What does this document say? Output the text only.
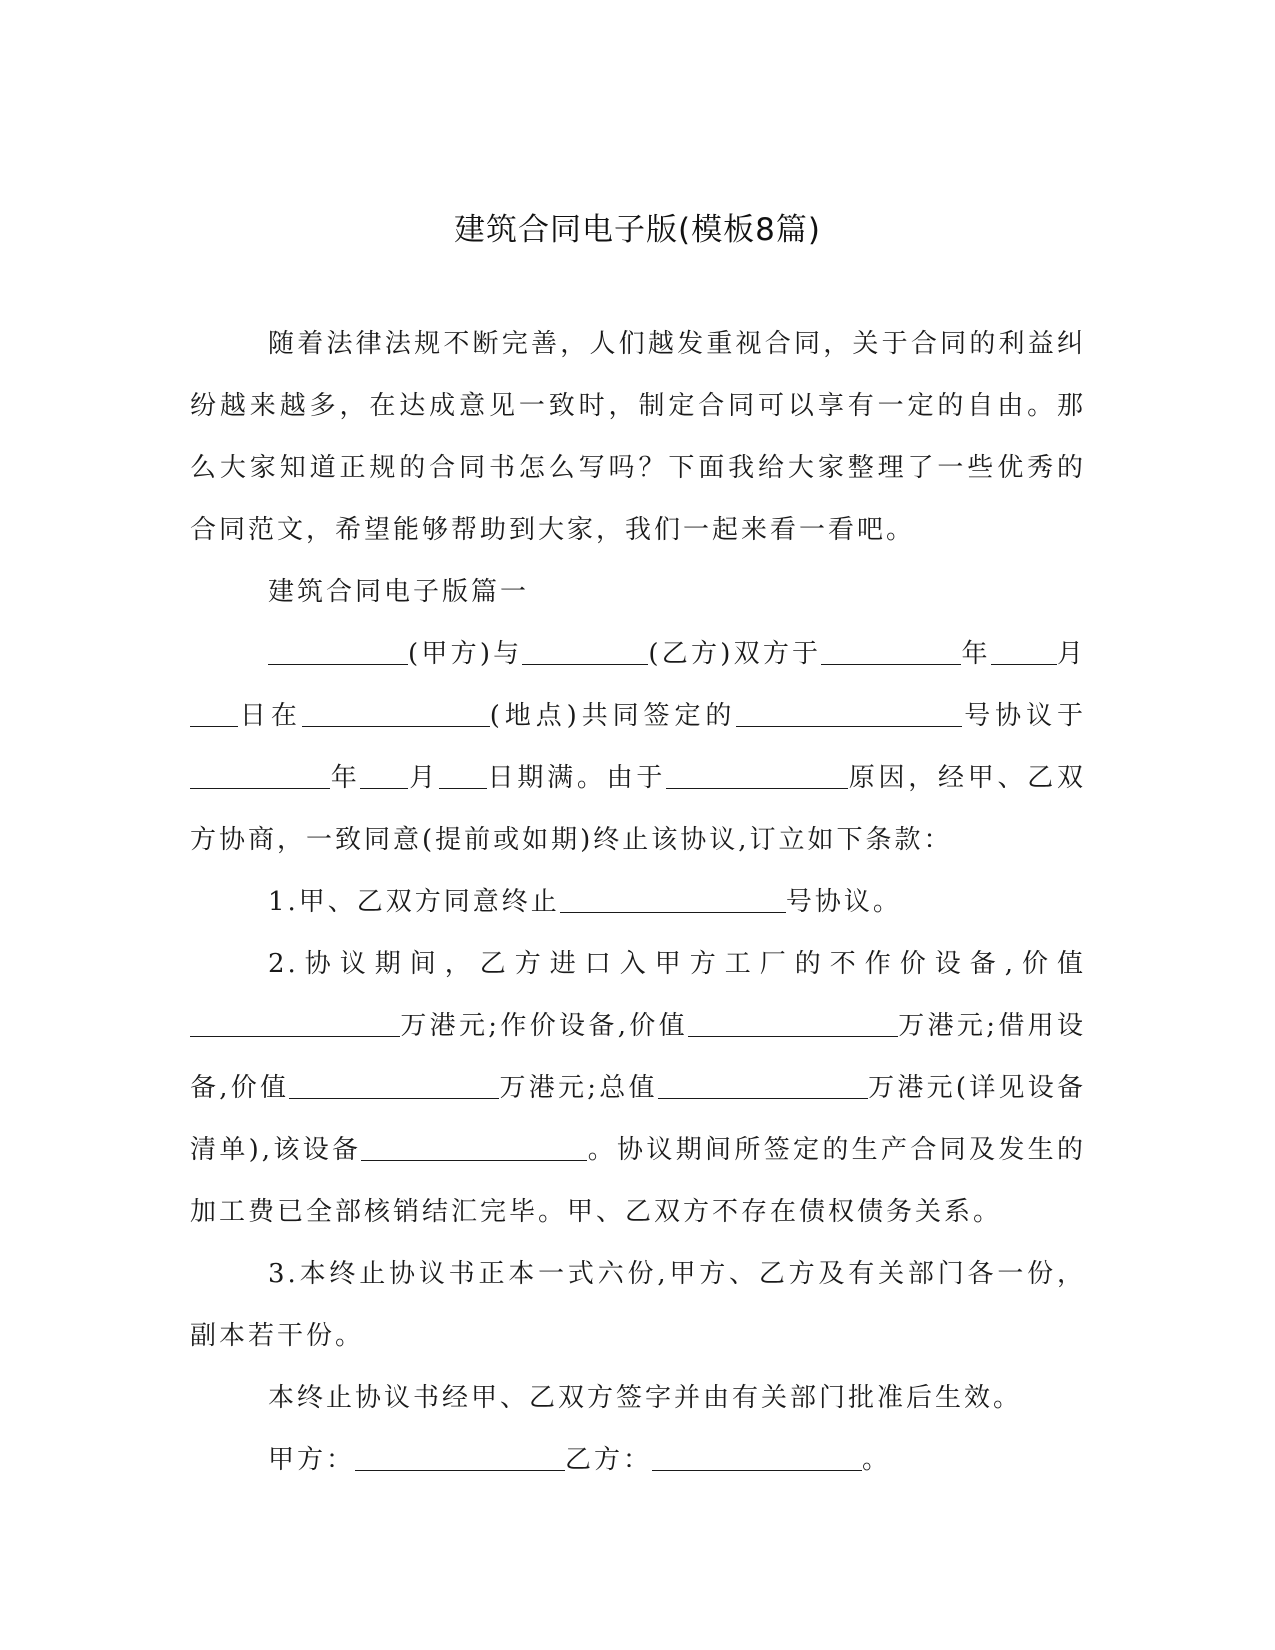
建筑合同电子版(模板8篇)

随着法律法规不断完善，人们越发重视合同，关于合同的利益纠纷越来越多，在达成意见一致时，制定合同可以享有一定的自由。那么大家知道正规的合同书怎么写吗？下面我给大家整理了一些优秀的合同范文，希望能够帮助到大家，我们一起来看一看吧。

建筑合同电子版篇一

(甲方)与	(乙方)双方于	年	月日在	(地点)共同签定的	号协议于年 月 日期满。由于	原因，经甲、乙双方协商，一致同意(提前或如期)终止该协议,订立如下条款：

1.甲、乙双方同意终止	号协议。

2.协议期间，乙方进口入甲方工厂的不作价设备,价值万港元;作价设备,价值	万港元;借用设备,价值	万港元;总值	万港元(详见设备清单),该设备	。协议期间所签定的生产合同及发生的加工费已全部核销结汇完毕。甲、乙双方不存在债权债务关系。

3.本终止协议书正本一式六份,甲方、乙方及有关部门各一份，副本若干份。

本终止协议书经甲、乙双方签字并由有关部门批准后生效。

甲方：	乙方：	。
